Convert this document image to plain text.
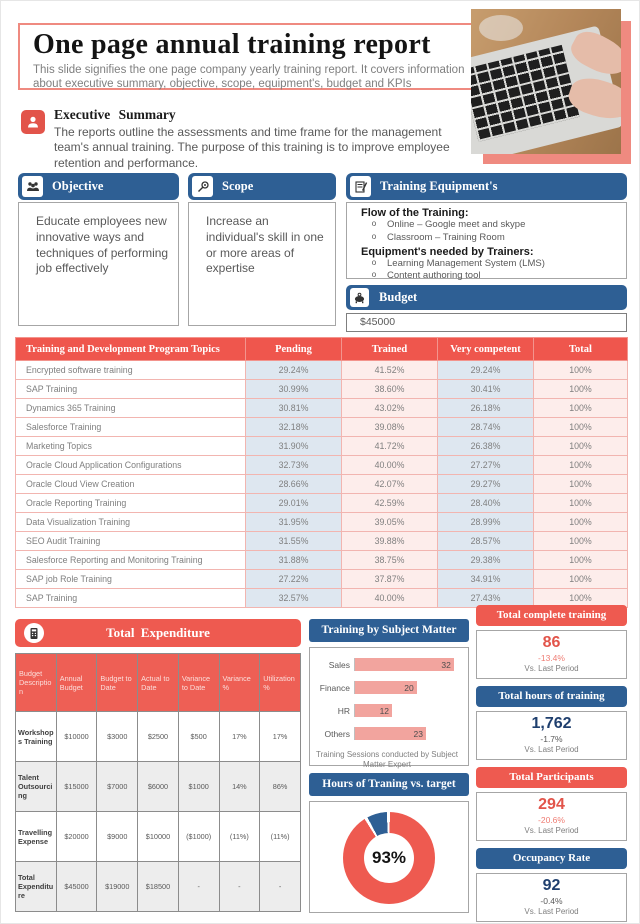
One page annual training report

This slide signifies the one page company yearly training report. It covers information about executive summary, objective, scope, equipment's, budget and KPIs

Executive Summary

The reports outline the assessments and time frame for the management team's annual training. The purpose of this training is to improve employee retention and performance.

Objective
Educate employees new innovative ways and techniques of performing job effectively
Scope
Increase an individual's skill in one or more areas of expertise
Training Equipment's
Flow of the Training:
o	Online – Google meet and skype
o	Classroom – Training Room
Equipment's needed by Trainers:
o	Learning Management System (LMS)
o	Content authoring tool
Budget
$45000
Training and Development Program Topics	Pending	Trained	Very competent	Total
Encrypted software training	29.24%	41.52%	29.24%	100%
SAP Training	30.99%	38.60%	30.41%	100%
Dynamics 365 Training	30.81%	43.02%	26.18%	100%
Salesforce Training	32.18%	39.08%	28.74%	100%
Marketing Topics	31.90%	41.72%	26.38%	100%
Oracle Cloud Application Configurations	32.73%	40.00%	27.27%	100%
Oracle Cloud View Creation	28.66%	42.07%	29.27%	100%
Oracle Reporting Training	29.01%	42.59%	28.40%	100%
Data Visualization Training	31.95%	39.05%	28.99%	100%
SEO Audit Training	31.55%	39.88%	28.57%	100%
Salesforce Reporting and Monitoring Training	31.88%	38.75%	29.38%	100%
SAP job Role Training	27.22%	37.87%	34.91%	100%
SAP Training	32.57%	40.00%	27.43%	100%
Total Expenditure
Budget Description	Annual Budget	Budget to Date	Actual to Date	Variance to Date	Variance%	Utilization%
Workshops Training	$10000	$3000	$2500	$500	17%	17%
Talent Outsourcing	$15000	$7000	$6000	$1000	14%	86%
Travelling Expense	$20000	$9000	$10000	($1000)	(11%)	(11%)
Total Expenditure	$45000	$19000	$18500	-	-	-
Training by Subject Matter
Sales	32
Finance	20
HR	12
Others	23
Training Sessions conducted by Subject Matter Expert
Hours of Traning vs. target
93%
Total complete training
86
-13.4%
Vs. Last Period
Total hours of training
1,762
-1.7%
Vs. Last Period
Total Participants
294
-20.6%
Vs. Last Period
Occupancy Rate
92
-0.4%
Vs. Last Period
